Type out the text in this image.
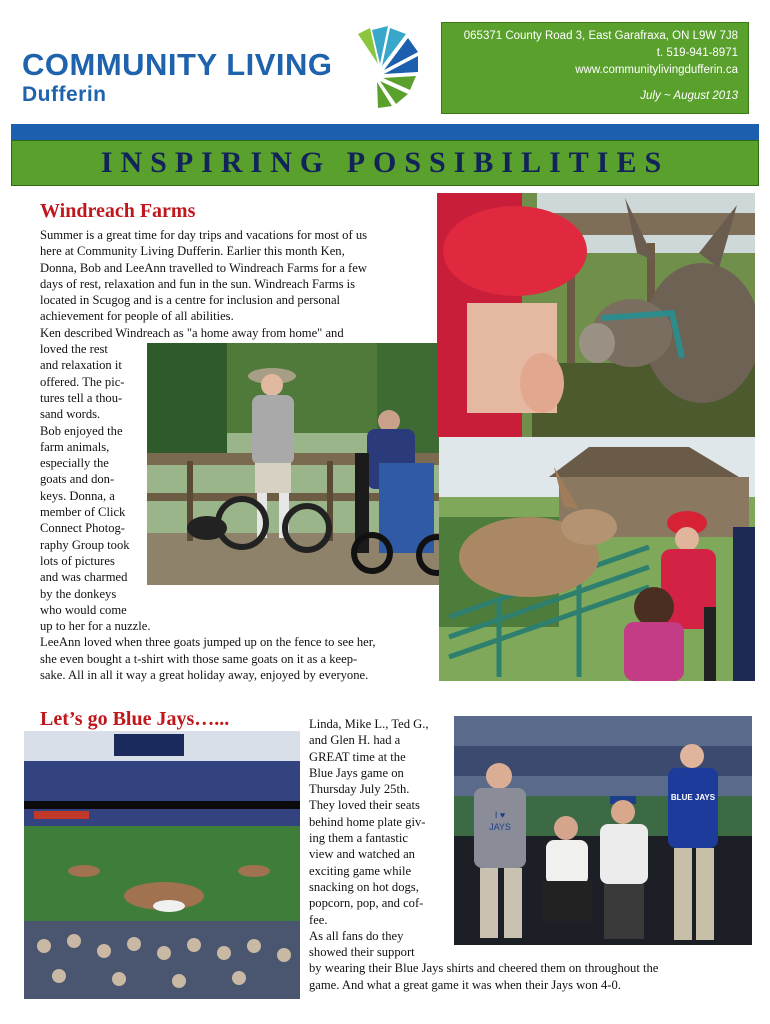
COMMUNITY LIVING
Dufferin
065371 County Road 3, East Garafraxa, ON L9W 7J8
t. 519-941-8971
www.communitylivingdufferin.ca
July ~ August 2013
INSPIRING POSSIBILITIES
Windreach Farms
Summer is a great time for day trips and vacations for most of us
here at Community Living Dufferin. Earlier this month Ken,
Donna, Bob and LeeAnn travelled to Windreach Farms for a few
days of rest, relaxation and fun in the sun. Windreach Farms is
located in Scugog and is a centre for inclusion and personal
achievement for people of all abilities.
Ken described Windreach as "a home away from home" and
loved the rest
and relaxation it
offered. The pic-
tures tell a thou-
sand words.
Bob enjoyed the
farm animals,
especially the
goats and don-
keys. Donna, a
member of Click
Connect Photog-
raphy Group took
lots of pictures
and was charmed
by the donkeys
who would come
up to her for a nuzzle.
LeeAnn loved when three goats jumped up on the fence to see her,
she even bought a t-shirt with those same goats on it as a keep-
sake. All in all it way a great holiday away, enjoyed by everyone.
Let’s go Blue Jays…...	Linda, Mike L., Ted G.,
and Glen H. had a
GREAT time at the
Blue Jays game on
Thursday July 25th.
They loved their seats
behind home plate giv-
ing them a fantastic
view and watched an
exciting game while
snacking on hot dogs,
popcorn, pop, and cof-
fee.
As all fans do they
showed their support
by wearing their Blue Jays shirts and cheered them on throughout the
game. And what a great game it was when their Jays won 4-0.
I ♥
JAYS
BLUE JAYS
